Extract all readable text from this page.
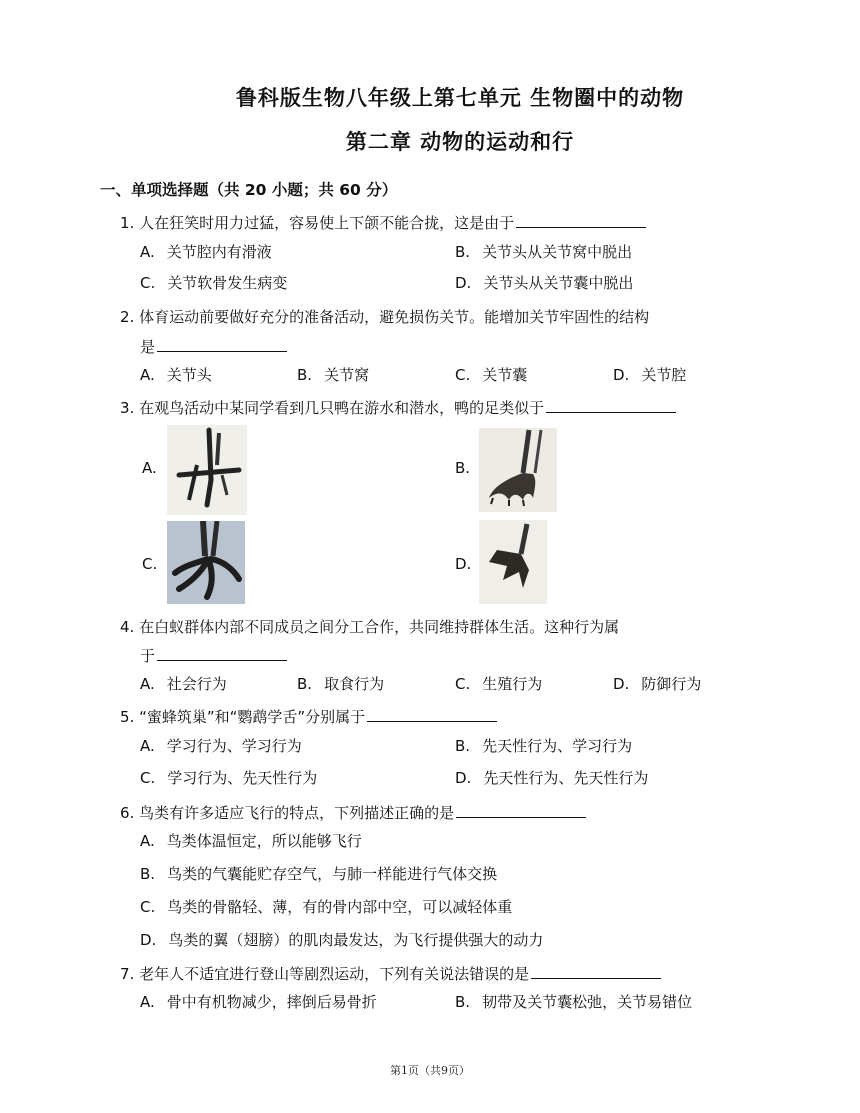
鲁科版生物八年级上第七单元 生物圈中的动物
第二章 动物的运动和行
一、单项选择题（共 20 小题；共 60 分）
1. 人在狂笑时用力过猛，容易使上下颌不能合拢，这是由于
A. 关节腔内有滑液	B. 关节头从关节窝中脱出
C. 关节软骨发生病变	D. 关节头从关节囊中脱出
2. 体育运动前要做好充分的准备活动，避免损伤关节。能增加关节牢固性的结构
是
A. 关节头	B. 关节窝	C. 关节囊	D. 关节腔
3. 在观鸟活动中某同学看到几只鸭在游水和潜水，鸭的足类似于
A.	B.
C.	D.
4. 在白蚁群体内部不同成员之间分工合作，共同维持群体生活。这种行为属
于
A. 社会行为	B. 取食行为	C. 生殖行为	D. 防御行为
5. “蜜蜂筑巢”和“鹦鹉学舌”分别属于
A. 学习行为、学习行为	B. 先天性行为、学习行为
C. 学习行为、先天性行为	D. 先天性行为、先天性行为
6. 鸟类有许多适应飞行的特点，下列描述正确的是
A. 鸟类体温恒定，所以能够飞行
B. 鸟类的气囊能贮存空气，与肺一样能进行气体交换
C. 鸟类的骨骼轻、薄，有的骨内部中空，可以减轻体重
D. 鸟类的翼（翅膀）的肌肉最发达，为飞行提供强大的动力
7. 老年人不适宜进行登山等剧烈运动，下列有关说法错误的是
A. 骨中有机物减少，摔倒后易骨折	B. 韧带及关节囊松弛，关节易错位
第1页（共9页）
